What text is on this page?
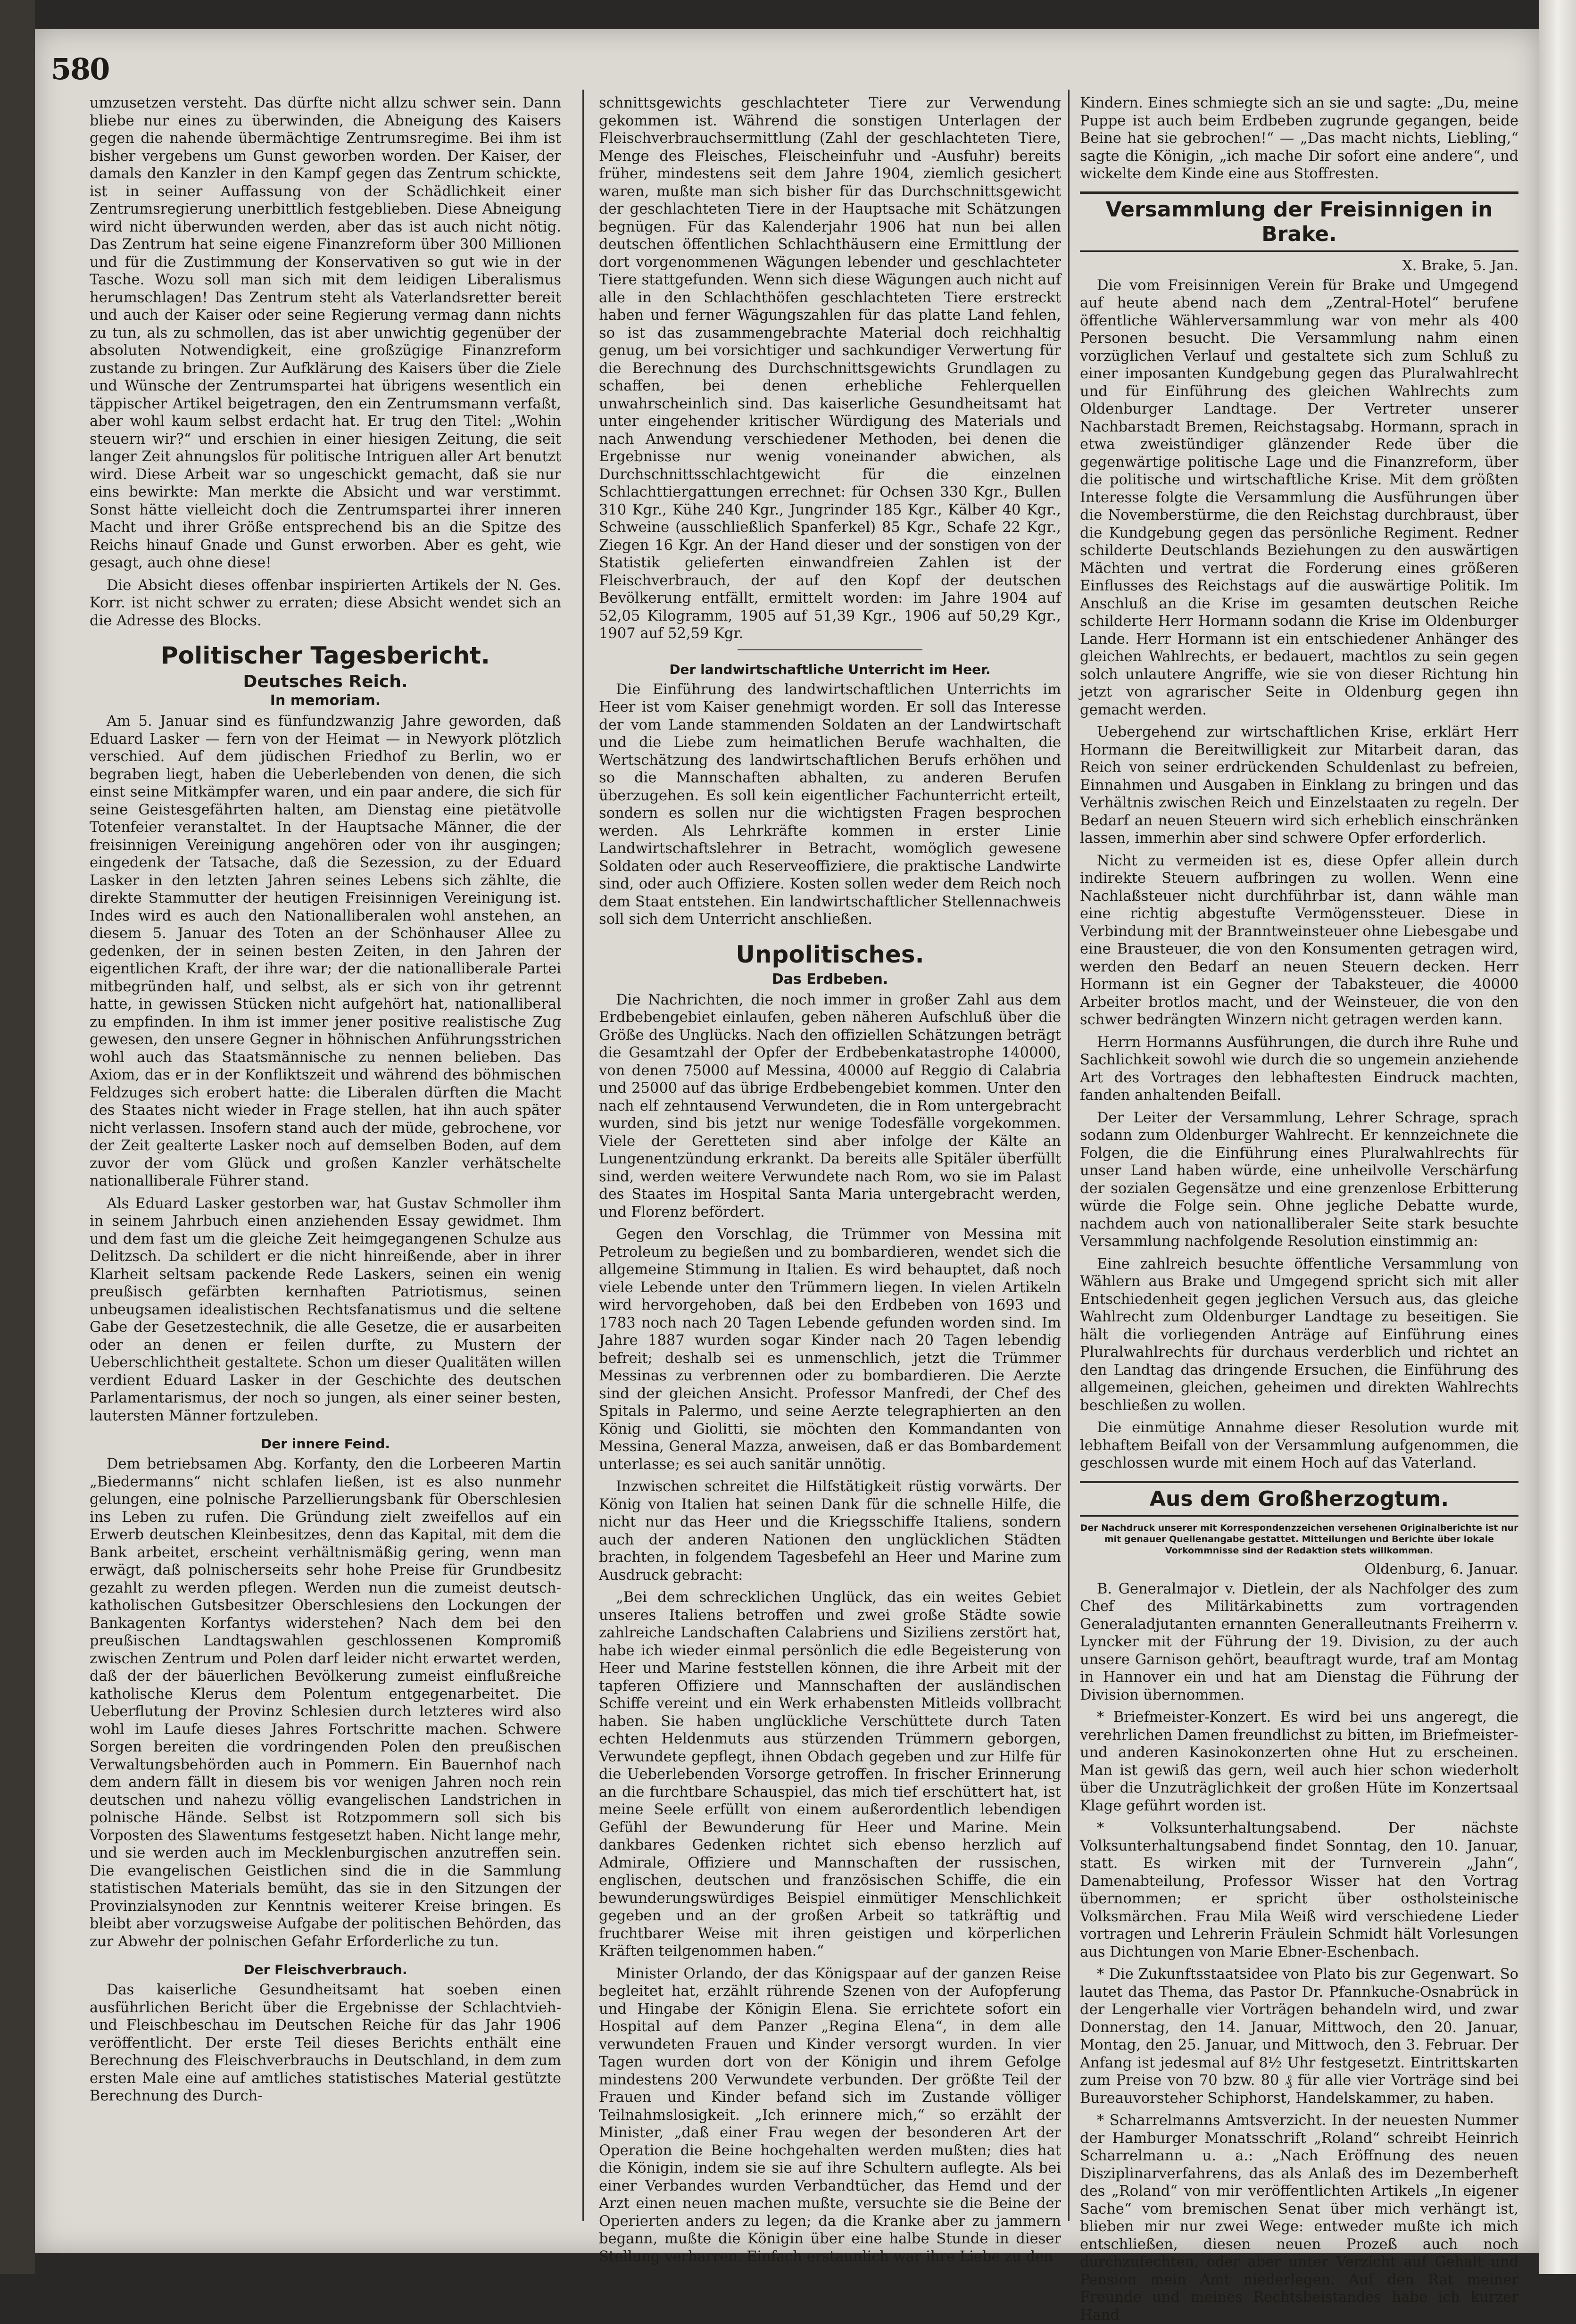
580

umzusetzen versteht. Das dürfte nicht allzu schwer sein. Dann bliebe nur eines zu überwinden, die Abneigung des Kaisers gegen die nahende übermächtige Zentrumsregime. Bei ihm ist bisher vergebens um Gunst geworben worden. Der Kaiser, der damals den Kanzler in den Kampf gegen das Zentrum schickte, ist in seiner Auffassung von der Schädlichkeit einer Zentrumsregierung unerbittlich festgeblieben. Diese Abneigung wird nicht überwunden werden, aber das ist auch nicht nötig. Das Zentrum hat seine eigene Finanzreform über 300 Millionen und für die Zustimmung der Konservativen so gut wie in der Tasche. Wozu soll man sich mit dem leidigen Liberalismus herumschlagen! Das Zentrum steht als Vaterlandsretter bereit und auch der Kaiser oder seine Regierung vermag dann nichts zu tun, als zu schmollen, das ist aber unwichtig gegenüber der absoluten Notwendigkeit, eine großzügige Finanzreform zustande zu bringen. Zur Aufklärung des Kaisers über die Ziele und Wünsche der Zentrumspartei hat übrigens wesentlich ein täppischer Artikel beigetragen, den ein Zentrumsmann verfaßt, aber wohl kaum selbst erdacht hat. Er trug den Titel: „Wohin steuern wir?“ und erschien in einer hiesigen Zeitung, die seit langer Zeit ahnungslos für politische Intriguen aller Art benutzt wird. Diese Arbeit war so ungeschickt gemacht, daß sie nur eins bewirkte: Man merkte die Absicht und war verstimmt. Sonst hätte vielleicht doch die Zentrumspartei ihrer inneren Macht und ihrer Größe entsprechend bis an die Spitze des Reichs hinauf Gnade und Gunst erworben. Aber es geht, wie gesagt, auch ohne diese!

Die Absicht dieses offenbar inspirierten Artikels der N. Ges. Korr. ist nicht schwer zu erraten; diese Absicht wendet sich an die Adresse des Blocks.

Politischer Tagesbericht.
Deutsches Reich.
In memoriam.

Am 5. Januar sind es fünfundzwanzig Jahre geworden, daß Eduard Lasker — fern von der Heimat — in Newyork plötzlich verschied. Auf dem jüdischen Friedhof zu Berlin, wo er begraben liegt, haben die Ueberlebenden von denen, die sich einst seine Mitkämpfer waren, und ein paar andere, die sich für seine Geistesgefährten halten, am Dienstag eine pietätvolle Totenfeier veranstaltet. In der Hauptsache Männer, die der freisinnigen Vereinigung angehören oder von ihr ausgingen; eingedenk der Tatsache, daß die Sezession, zu der Eduard Lasker in den letzten Jahren seines Lebens sich zählte, die direkte Stammutter der heutigen Freisinnigen Vereinigung ist. Indes wird es auch den Nationalliberalen wohl anstehen, an diesem 5. Januar des Toten an der Schönhauser Allee zu gedenken, der in seinen besten Zeiten, in den Jahren der eigentlichen Kraft, der ihre war; der die nationalliberale Partei mitbegründen half, und selbst, als er sich von ihr getrennt hatte, in gewissen Stücken nicht aufgehört hat, nationalliberal zu empfinden. In ihm ist immer jener positive realistische Zug gewesen, den unsere Gegner in höhnischen Anführungsstrichen wohl auch das Staatsmännische zu nennen belieben. Das Axiom, das er in der Konfliktszeit und während des böhmischen Feldzuges sich erobert hatte: die Liberalen dürften die Macht des Staates nicht wieder in Frage stellen, hat ihn auch später nicht verlassen. Insofern stand auch der müde, gebrochene, vor der Zeit gealterte Lasker noch auf demselben Boden, auf dem zuvor der vom Glück und großen Kanzler verhätschelte nationalliberale Führer stand.

Als Eduard Lasker gestorben war, hat Gustav Schmoller ihm in seinem Jahrbuch einen anziehenden Essay gewidmet. Ihm und dem fast um die gleiche Zeit heimgegangenen Schulze aus Delitzsch. Da schildert er die nicht hinreißende, aber in ihrer Klarheit seltsam packende Rede Laskers, seinen ein wenig preußisch gefärbten kernhaften Patriotismus, seinen unbeugsamen idealistischen Rechtsfanatismus und die seltene Gabe der Gesetzestechnik, die alle Gesetze, die er ausarbeiten oder an denen er feilen durfte, zu Mustern der Ueberschlichtheit gestaltete. Schon um dieser Qualitäten willen verdient Eduard Lasker in der Geschichte des deutschen Parlamentarismus, der noch so jungen, als einer seiner besten, lautersten Männer fortzuleben.

Der innere Feind.

Dem betriebsamen Abg. Korfanty, den die Lorbeeren Martin „Biedermanns“ nicht schlafen ließen, ist es also nunmehr gelungen, eine polnische Parzellierungsbank für Oberschlesien ins Leben zu rufen. Die Gründung zielt zweifellos auf ein Erwerb deutschen Kleinbesitzes, denn das Kapital, mit dem die Bank arbeitet, erscheint verhältnismäßig gering, wenn man erwägt, daß polnischerseits sehr hohe Preise für Grundbesitz gezahlt zu werden pflegen. Werden nun die zumeist deutsch-katholischen Gutsbesitzer Oberschlesiens den Lockungen der Bankagenten Korfantys widerstehen? Nach dem bei den preußischen Landtagswahlen geschlossenen Kompromiß zwischen Zentrum und Polen darf leider nicht erwartet werden, daß der der bäuerlichen Bevölkerung zumeist einflußreiche katholische Klerus dem Polentum entgegenarbeitet. Die Ueberflutung der Provinz Schlesien durch letzteres wird also wohl im Laufe dieses Jahres Fortschritte machen. Schwere Sorgen bereiten die vordringenden Polen den preußischen Verwaltungsbehörden auch in Pommern. Ein Bauernhof nach dem andern fällt in diesem bis vor wenigen Jahren noch rein deutschen und nahezu völlig evangelischen Landstrichen in polnische Hände. Selbst ist Rotzpommern soll sich bis Vorposten des Slawentums festgesetzt haben. Nicht lange mehr, und sie werden auch im Mecklenburgischen anzutreffen sein. Die evangelischen Geistlichen sind die in die Sammlung statistischen Materials bemüht, das sie in den Sitzungen der Provinzialsynoden zur Kenntnis weiterer Kreise bringen. Es bleibt aber vorzugsweise Aufgabe der politischen Behörden, das zur Abwehr der polnischen Gefahr Erforderliche zu tun.

Der Fleischverbrauch.

Das kaiserliche Gesundheitsamt hat soeben einen ausführlichen Bericht über die Ergebnisse der Schlachtvieh- und Fleischbeschau im Deutschen Reiche für das Jahr 1906 veröffentlicht. Der erste Teil dieses Berichts enthält eine Berechnung des Fleischverbrauchs in Deutschland, in dem zum ersten Male eine auf amtliches statistisches Material gestützte Berechnung des Durch-

schnittsgewichts geschlachteter Tiere zur Verwendung gekommen ist. Während die sonstigen Unterlagen der Fleischverbrauchsermittlung (Zahl der geschlachteten Tiere, Menge des Fleisches, Fleischeinfuhr und -Ausfuhr) bereits früher, mindestens seit dem Jahre 1904, ziemlich gesichert waren, mußte man sich bisher für das Durchschnittsgewicht der geschlachteten Tiere in der Hauptsache mit Schätzungen begnügen. Für das Kalenderjahr 1906 hat nun bei allen deutschen öffentlichen Schlachthäusern eine Ermittlung der dort vorgenommenen Wägungen lebender und geschlachteter Tiere stattgefunden. Wenn sich diese Wägungen auch nicht auf alle in den Schlachthöfen geschlachteten Tiere erstreckt haben und ferner Wägungszahlen für das platte Land fehlen, so ist das zusammengebrachte Material doch reichhaltig genug, um bei vorsichtiger und sachkundiger Verwertung für die Berechnung des Durchschnittsgewichts Grundlagen zu schaffen, bei denen erhebliche Fehlerquellen unwahrscheinlich sind. Das kaiserliche Gesundheitsamt hat unter eingehender kritischer Würdigung des Materials und nach Anwendung verschiedener Methoden, bei denen die Ergebnisse nur wenig voneinander abwichen, als Durchschnittsschlachtgewicht für die einzelnen Schlachttiergattungen errechnet: für Ochsen 330 Kgr., Bullen 310 Kgr., Kühe 240 Kgr., Jungrinder 185 Kgr., Kälber 40 Kgr., Schweine (ausschließlich Spanferkel) 85 Kgr., Schafe 22 Kgr., Ziegen 16 Kgr. An der Hand dieser und der sonstigen von der Statistik gelieferten einwandfreien Zahlen ist der Fleischverbrauch, der auf den Kopf der deutschen Bevölkerung entfällt, ermittelt worden: im Jahre 1904 auf 52,05 Kilogramm, 1905 auf 51,39 Kgr., 1906 auf 50,29 Kgr., 1907 auf 52,59 Kgr.

Der landwirtschaftliche Unterricht im Heer.

Die Einführung des landwirtschaftlichen Unterrichts im Heer ist vom Kaiser genehmigt worden. Er soll das Interesse der vom Lande stammenden Soldaten an der Landwirtschaft und die Liebe zum heimatlichen Berufe wachhalten, die Wertschätzung des landwirtschaftlichen Berufs erhöhen und so die Mannschaften abhalten, zu anderen Berufen überzugehen. Es soll kein eigentlicher Fachunterricht erteilt, sondern es sollen nur die wichtigsten Fragen besprochen werden. Als Lehrkräfte kommen in erster Linie Landwirtschaftslehrer in Betracht, womöglich gewesene Soldaten oder auch Reserveoffiziere, die praktische Landwirte sind, oder auch Offiziere. Kosten sollen weder dem Reich noch dem Staat entstehen. Ein landwirtschaftlicher Stellennachweis soll sich dem Unterricht anschließen.

Unpolitisches.
Das Erdbeben.

Die Nachrichten, die noch immer in großer Zahl aus dem Erdbebengebiet einlaufen, geben näheren Aufschluß über die Größe des Unglücks. Nach den offiziellen Schätzungen beträgt die Gesamtzahl der Opfer der Erdbebenkatastrophe 140000, von denen 75000 auf Messina, 40000 auf Reggio di Calabria und 25000 auf das übrige Erdbebengebiet kommen. Unter den nach elf zehntausend Verwundeten, die in Rom untergebracht wurden, sind bis jetzt nur wenige Todesfälle vorgekommen. Viele der Geretteten sind aber infolge der Kälte an Lungenentzündung erkrankt. Da bereits alle Spitäler überfüllt sind, werden weitere Verwundete nach Rom, wo sie im Palast des Staates im Hospital Santa Maria untergebracht werden, und Florenz befördert.

Gegen den Vorschlag, die Trümmer von Messina mit Petroleum zu begießen und zu bombardieren, wendet sich die allgemeine Stimmung in Italien. Es wird behauptet, daß noch viele Lebende unter den Trümmern liegen. In vielen Artikeln wird hervorgehoben, daß bei den Erdbeben von 1693 und 1783 noch nach 20 Tagen Lebende gefunden worden sind. Im Jahre 1887 wurden sogar Kinder nach 20 Tagen lebendig befreit; deshalb sei es unmenschlich, jetzt die Trümmer Messinas zu verbrennen oder zu bombardieren. Die Aerzte sind der gleichen Ansicht. Professor Manfredi, der Chef des Spitals in Palermo, und seine Aerzte telegraphierten an den König und Giolitti, sie möchten den Kommandanten von Messina, General Mazza, anweisen, daß er das Bombardement unterlasse; es sei auch sanitär unnötig.

Inzwischen schreitet die Hilfstätigkeit rüstig vorwärts. Der König von Italien hat seinen Dank für die schnelle Hilfe, die nicht nur das Heer und die Kriegsschiffe Italiens, sondern auch der anderen Nationen den unglücklichen Städten brachten, in folgendem Tagesbefehl an Heer und Marine zum Ausdruck gebracht:

„Bei dem schrecklichen Unglück, das ein weites Gebiet unseres Italiens betroffen und zwei große Städte sowie zahlreiche Landschaften Calabriens und Siziliens zerstört hat, habe ich wieder einmal persönlich die edle Begeisterung von Heer und Marine feststellen können, die ihre Arbeit mit der tapferen Offiziere und Mannschaften der ausländischen Schiffe vereint und ein Werk erhabensten Mitleids vollbracht haben. Sie haben unglückliche Verschüttete durch Taten echten Heldenmuts aus stürzenden Trümmern geborgen, Verwundete gepflegt, ihnen Obdach gegeben und zur Hilfe für die Ueberlebenden Vorsorge getroffen. In frischer Erinnerung an die furchtbare Schauspiel, das mich tief erschüttert hat, ist meine Seele erfüllt von einem außerordentlich lebendigen Gefühl der Bewunderung für Heer und Marine. Mein dankbares Gedenken richtet sich ebenso herzlich auf Admirale, Offiziere und Mannschaften der russischen, englischen, deutschen und französischen Schiffe, die ein bewunderungswürdiges Beispiel einmütiger Menschlichkeit gegeben und an der großen Arbeit so tatkräftig und fruchtbarer Weise mit ihren geistigen und körperlichen Kräften teilgenommen haben.“

Minister Orlando, der das Königspaar auf der ganzen Reise begleitet hat, erzählt rührende Szenen von der Aufopferung und Hingabe der Königin Elena. Sie errichtete sofort ein Hospital auf dem Panzer „Regina Elena“, in dem alle verwundeten Frauen und Kinder versorgt wurden. In vier Tagen wurden dort von der Königin und ihrem Gefolge mindestens 200 Verwundete verbunden. Der größte Teil der Frauen und Kinder befand sich im Zustande völliger Teilnahmslosigkeit. „Ich erinnere mich,“ so erzählt der Minister, „daß einer Frau wegen der besonderen Art der Operation die Beine hochgehalten werden mußten; dies hat die Königin, indem sie sie auf ihre Schultern auflegte. Als bei einer Verbandes wurden Verbandtücher, das Hemd und der Arzt einen neuen machen mußte, versuchte sie die Beine der Operierten anders zu legen; da die Kranke aber zu jammern begann, mußte die Königin über eine halbe Stunde in dieser Stellung verharren. Einfach erstaunlich war ihre Liebe zu den

Kindern. Eines schmiegte sich an sie und sagte: „Du, meine Puppe ist auch beim Erdbeben zugrunde gegangen, beide Beine hat sie gebrochen!“ — „Das macht nichts, Liebling,“ sagte die Königin, „ich mache Dir sofort eine andere“, und wickelte dem Kinde eine aus Stoffresten.

Versammlung der Freisinnigen in Brake.
X. Brake, 5. Jan.

Die vom Freisinnigen Verein für Brake und Umgegend auf heute abend nach dem „Zentral-Hotel“ berufene öffentliche Wählerversammlung war von mehr als 400 Personen besucht. Die Versammlung nahm einen vorzüglichen Verlauf und gestaltete sich zum Schluß zu einer imposanten Kundgebung gegen das Pluralwahlrecht und für Einführung des gleichen Wahlrechts zum Oldenburger Landtage. Der Vertreter unserer Nachbarstadt Bremen, Reichstagsabg. Hormann, sprach in etwa zweistündiger glänzender Rede über die gegenwärtige politische Lage und die Finanzreform, über die politische und wirtschaftliche Krise. Mit dem größten Interesse folgte die Versammlung die Ausführungen über die Novemberstürme, die den Reichstag durchbraust, über die Kundgebung gegen das persönliche Regiment. Redner schilderte Deutschlands Beziehungen zu den auswärtigen Mächten und vertrat die Forderung eines größeren Einflusses des Reichstags auf die auswärtige Politik. Im Anschluß an die Krise im gesamten deutschen Reiche schilderte Herr Hormann sodann die Krise im Oldenburger Lande. Herr Hormann ist ein entschiedener Anhänger des gleichen Wahlrechts, er bedauert, machtlos zu sein gegen solch unlautere Angriffe, wie sie von dieser Richtung hin jetzt von agrarischer Seite in Oldenburg gegen ihn gemacht werden.

Uebergehend zur wirtschaftlichen Krise, erklärt Herr Hormann die Bereitwilligkeit zur Mitarbeit daran, das Reich von seiner erdrückenden Schuldenlast zu befreien, Einnahmen und Ausgaben in Einklang zu bringen und das Verhältnis zwischen Reich und Einzelstaaten zu regeln. Der Bedarf an neuen Steuern wird sich erheblich einschränken lassen, immerhin aber sind schwere Opfer erforderlich.

Nicht zu vermeiden ist es, diese Opfer allein durch indirekte Steuern aufbringen zu wollen. Wenn eine Nachlaßsteuer nicht durchführbar ist, dann wähle man eine richtig abgestufte Vermögenssteuer. Diese in Verbindung mit der Branntweinsteuer ohne Liebesgabe und eine Brausteuer, die von den Konsumenten getragen wird, werden den Bedarf an neuen Steuern decken. Herr Hormann ist ein Gegner der Tabaksteuer, die 40000 Arbeiter brotlos macht, und der Weinsteuer, die von den schwer bedrängten Winzern nicht getragen werden kann.

Herrn Hormanns Ausführungen, die durch ihre Ruhe und Sachlichkeit sowohl wie durch die so ungemein anziehende Art des Vortrages den lebhaftesten Eindruck machten, fanden anhaltenden Beifall.

Der Leiter der Versammlung, Lehrer Schrage, sprach sodann zum Oldenburger Wahlrecht. Er kennzeichnete die Folgen, die die Einführung eines Pluralwahlrechts für unser Land haben würde, eine unheilvolle Verschärfung der sozialen Gegensätze und eine grenzenlose Erbitterung würde die Folge sein. Ohne jegliche Debatte wurde, nachdem auch von nationalliberaler Seite stark besuchte Versammlung nachfolgende Resolution einstimmig an:

Eine zahlreich besuchte öffentliche Versammlung von Wählern aus Brake und Umgegend spricht sich mit aller Entschiedenheit gegen jeglichen Versuch aus, das gleiche Wahlrecht zum Oldenburger Landtage zu beseitigen. Sie hält die vorliegenden Anträge auf Einführung eines Pluralwahlrechts für durchaus verderblich und richtet an den Landtag das dringende Ersuchen, die Einführung des allgemeinen, gleichen, geheimen und direkten Wahlrechts beschließen zu wollen.

Die einmütige Annahme dieser Resolution wurde mit lebhaftem Beifall von der Versammlung aufgenommen, die geschlossen wurde mit einem Hoch auf das Vaterland.

Aus dem Großherzogtum.
Der Nachdruck unserer mit Korrespondenzzeichen versehenen Originalberichte ist nur mit genauer Quellenangabe gestattet. Mitteilungen und Berichte über lokale Vorkommnisse sind der Redaktion stets willkommen.
Oldenburg, 6. Januar.

B. Generalmajor v. Dietlein, der als Nachfolger des zum Chef des Militärkabinetts zum vortragenden Generaladjutanten ernannten Generalleutnants Freiherrn v. Lyncker mit der Führung der 19. Division, zu der auch unsere Garnison gehört, beauftragt wurde, traf am Montag in Hannover ein und hat am Dienstag die Führung der Division übernommen.

* Briefmeister-Konzert. Es wird bei uns angeregt, die verehrlichen Damen freundlichst zu bitten, im Briefmeister- und anderen Kasinokonzerten ohne Hut zu erscheinen. Man ist gewiß das gern, weil auch hier schon wiederholt über die Unzuträglichkeit der großen Hüte im Konzertsaal Klage geführt worden ist.

* Volksunterhaltungsabend. Der nächste Volksunterhaltungsabend findet Sonntag, den 10. Januar, statt. Es wirken mit der Turnverein „Jahn“, Damenabteilung, Professor Wisser hat den Vortrag übernommen; er spricht über ostholsteinische Volksmärchen. Frau Mila Weiß wird verschiedene Lieder vortragen und Lehrerin Fräulein Schmidt hält Vorlesungen aus Dichtungen von Marie Ebner-Eschenbach.

* Die Zukunftsstaatsidee von Plato bis zur Gegenwart. So lautet das Thema, das Pastor Dr. Pfannkuche-Osnabrück in der Lengerhalle vier Vorträgen behandeln wird, und zwar Donnerstag, den 14. Januar, Mittwoch, den 20. Januar, Montag, den 25. Januar, und Mittwoch, den 3. Februar. Der Anfang ist jedesmal auf 8½ Uhr festgesetzt. Eintrittskarten zum Preise von 70 bzw. 80 ₰ für alle vier Vorträge sind bei Bureauvorsteher Schiphorst, Handelskammer, zu haben.

* Scharrelmanns Amtsverzicht. In der neuesten Nummer der Hamburger Monatsschrift „Roland“ schreibt Heinrich Scharrelmann u. a.: „Nach Eröffnung des neuen Disziplinarverfahrens, das als Anlaß des im Dezemberheft des „Roland“ von mir veröffentlichten Artikels „In eigener Sache“ vom bremischen Senat über mich verhängt ist, blieben mir nur zwei Wege: entweder mußte ich mich entschließen, diesen neuen Prozeß auch noch durchzufechten, oder aber unter Verzicht auf Gehalt und Pension mein Amt niederlegen. Auf den Rat meiner Freunde und meines Rechtsbeistandes habe ich kurzer Hand
